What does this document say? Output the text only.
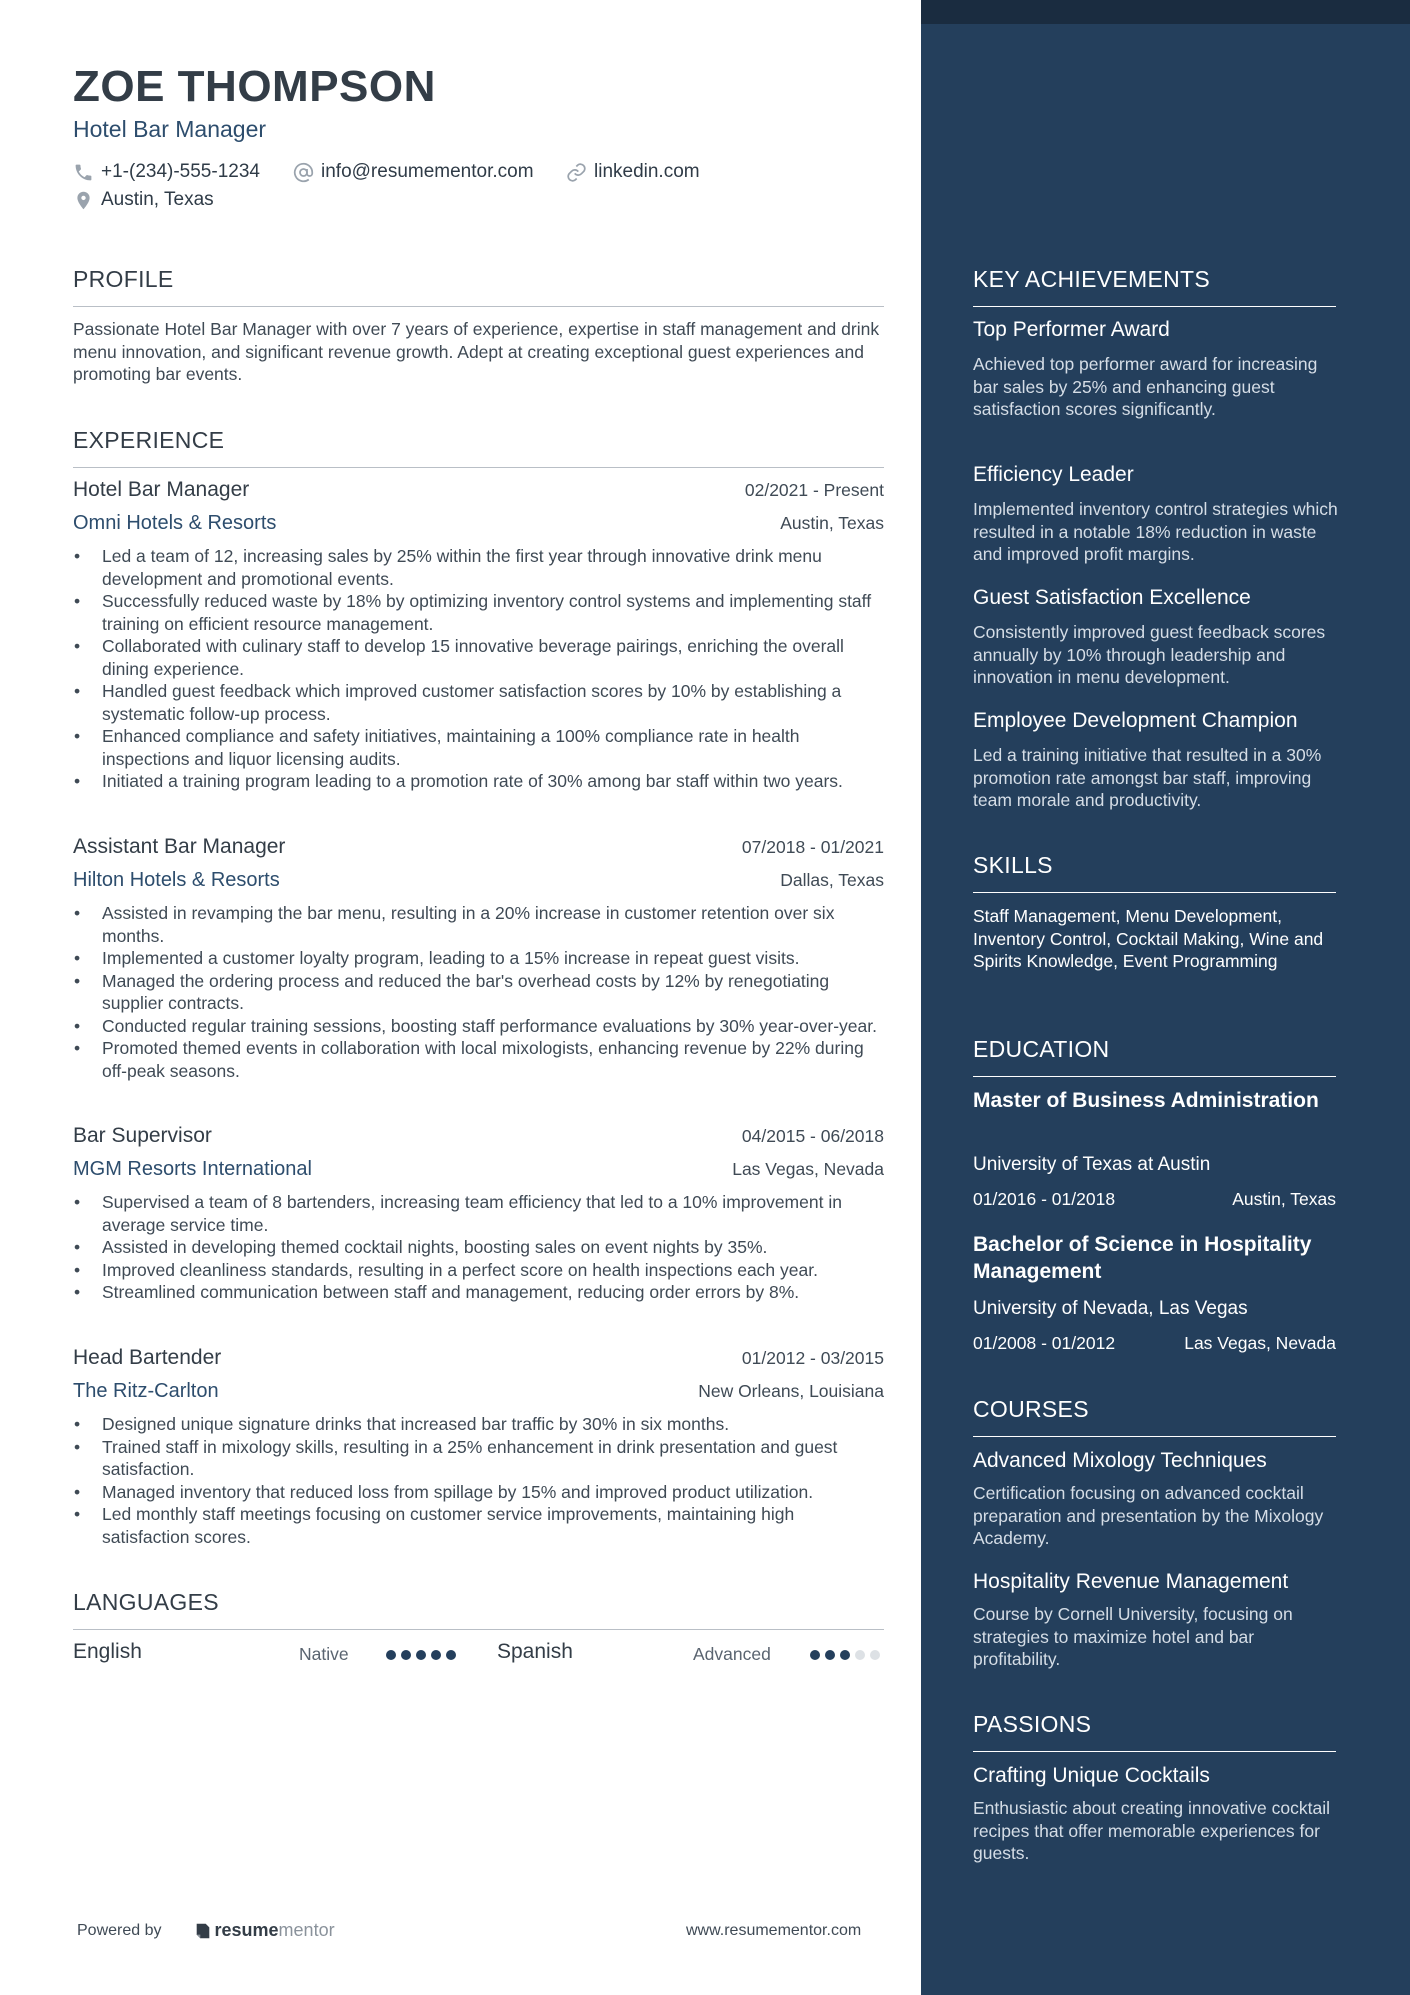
ZOE THOMPSON
Hotel Bar Manager
+1-(234)-555-1234	info@resumementor.com	linkedin.com
Austin, Texas
PROFILE
Passionate Hotel Bar Manager with over 7 years of experience, expertise in staff management and drink menu innovation, and significant revenue growth. Adept at creating exceptional guest experiences and promoting bar events.
EXPERIENCE
Hotel Bar Manager	02/2021 - Present
Omni Hotels & Resorts	Austin, Texas
• Led a team of 12, increasing sales by 25% within the first year through innovative drink menu development and promotional events.
• Successfully reduced waste by 18% by optimizing inventory control systems and implementing staff training on efficient resource management.
• Collaborated with culinary staff to develop 15 innovative beverage pairings, enriching the overall dining experience.
• Handled guest feedback which improved customer satisfaction scores by 10% by establishing a systematic follow-up process.
• Enhanced compliance and safety initiatives, maintaining a 100% compliance rate in health inspections and liquor licensing audits.
• Initiated a training program leading to a promotion rate of 30% among bar staff within two years.
Assistant Bar Manager	07/2018 - 01/2021
Hilton Hotels & Resorts	Dallas, Texas
• Assisted in revamping the bar menu, resulting in a 20% increase in customer retention over six months.
• Implemented a customer loyalty program, leading to a 15% increase in repeat guest visits.
• Managed the ordering process and reduced the bar's overhead costs by 12% by renegotiating supplier contracts.
• Conducted regular training sessions, boosting staff performance evaluations by 30% year-over-year.
• Promoted themed events in collaboration with local mixologists, enhancing revenue by 22% during off-peak seasons.
Bar Supervisor	04/2015 - 06/2018
MGM Resorts International	Las Vegas, Nevada
• Supervised a team of 8 bartenders, increasing team efficiency that led to a 10% improvement in average service time.
• Assisted in developing themed cocktail nights, boosting sales on event nights by 35%.
• Improved cleanliness standards, resulting in a perfect score on health inspections each year.
• Streamlined communication between staff and management, reducing order errors by 8%.
Head Bartender	01/2012 - 03/2015
The Ritz-Carlton	New Orleans, Louisiana
• Designed unique signature drinks that increased bar traffic by 30% in six months.
• Trained staff in mixology skills, resulting in a 25% enhancement in drink presentation and guest satisfaction.
• Managed inventory that reduced loss from spillage by 15% and improved product utilization.
• Led monthly staff meetings focusing on customer service improvements, maintaining high satisfaction scores.
LANGUAGES
English	Native	Spanish	Advanced
Powered by	resume mentor	www.resumementor.com
KEY ACHIEVEMENTS
Top Performer Award
Achieved top performer award for increasing bar sales by 25% and enhancing guest satisfaction scores significantly.
Efficiency Leader
Implemented inventory control strategies which resulted in a notable 18% reduction in waste and improved profit margins.
Guest Satisfaction Excellence
Consistently improved guest feedback scores annually by 10% through leadership and innovation in menu development.
Employee Development Champion
Led a training initiative that resulted in a 30% promotion rate amongst bar staff, improving team morale and productivity.
SKILLS
Staff Management, Menu Development, Inventory Control, Cocktail Making, Wine and Spirits Knowledge, Event Programming
EDUCATION
Master of Business Administration
University of Texas at Austin
01/2016 - 01/2018	Austin, Texas
Bachelor of Science in Hospitality Management
University of Nevada, Las Vegas
01/2008 - 01/2012	Las Vegas, Nevada
COURSES
Advanced Mixology Techniques
Certification focusing on advanced cocktail preparation and presentation by the Mixology Academy.
Hospitality Revenue Management
Course by Cornell University, focusing on strategies to maximize hotel and bar profitability.
PASSIONS
Crafting Unique Cocktails
Enthusiastic about creating innovative cocktail recipes that offer memorable experiences for guests.
